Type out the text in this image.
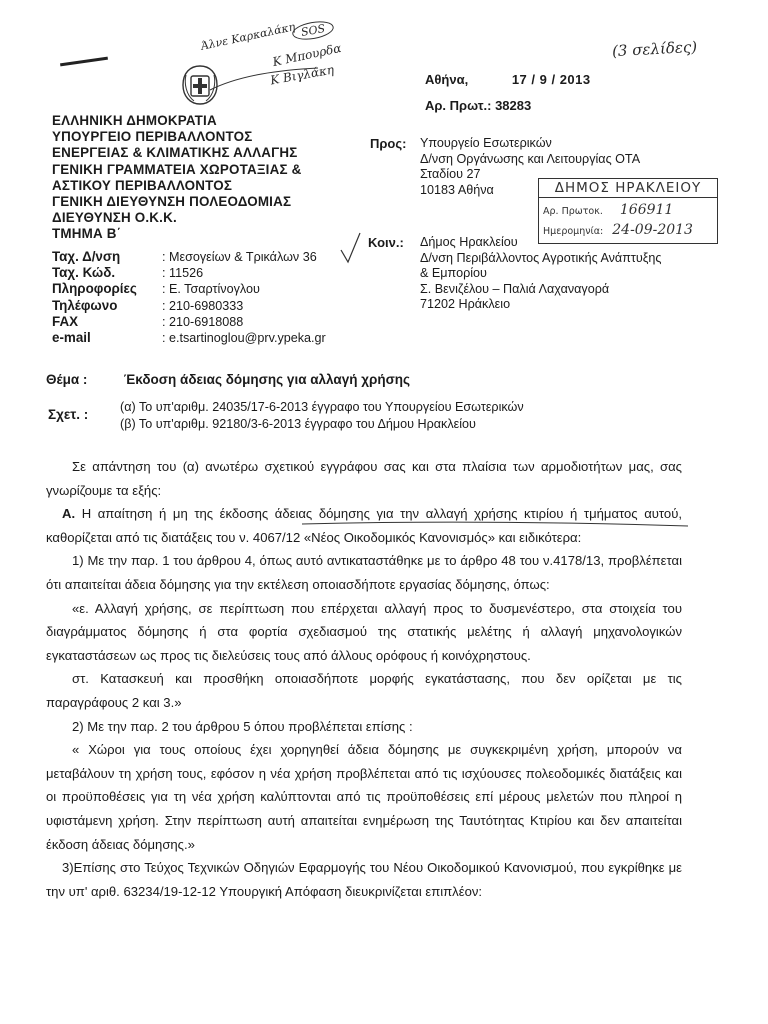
Άλνε Καρκαλάκη SOS
Κ Μπουρδα
Κ Βιγλάκη
(3 σελίδες)
Αθήνα,	17 / 9 / 2013
Αρ. Πρωτ.: 38283
ΕΛΛΗΝΙΚΗ ΔΗΜΟΚΡΑΤΙΑ
ΥΠΟΥΡΓΕΙΟ ΠΕΡΙΒΑΛΛΟΝΤΟΣ
ΕΝΕΡΓΕΙΑΣ & ΚΛΙΜΑΤΙΚΗΣ ΑΛΛΑΓΗΣ
ΓΕΝΙΚΗ ΓΡΑΜΜΑΤΕΙΑ ΧΩΡΟΤΑΞΙΑΣ &
ΑΣΤΙΚΟΥ ΠΕΡΙΒΑΛΛΟΝΤΟΣ
ΓΕΝΙΚΗ ΔΙΕΥΘΥΝΣΗ ΠΟΛΕΟΔΟΜΙΑΣ
ΔΙΕΥΘΥΝΣΗ Ο.Κ.Κ.
ΤΜΗΜΑ Β΄
Ταχ. Δ/νση	: Μεσογείων & Τρικάλων 36
Ταχ. Κώδ.	: 11526
Πληροφορίες	: Ε. Τσαρτίνογλου
Τηλέφωνο	: 210-6980333
FAX	: 210-6918088
e-mail	: e.tsartinoglou@prv.ypeka.gr
Προς: Υπουργείο Εσωτερικών
Δ/νση Οργάνωσης και Λειτουργίας ΟΤΑ
Σταδίου 27
10183 Αθήνα	ΔΗΜΟΣ ΗΡΑΚΛΕΙΟΥ
Αρ. Πρωτοκ. 166911
Ημερομηνία: 24-09-2013
Κοιν.: Δήμος Ηρακλείου
Δ/νση Περιβάλλοντος Αγροτικής Ανάπτυξης
& Εμπορίου
Σ. Βενιζέλου – Παλιά Λαχαναγορά
71202 Ηράκλειο
Θέμα :	Έκδοση άδειας δόμησης για αλλαγή χρήσης
Σχετ. :	(α) Το υπ'αριθμ. 24035/17-6-2013 έγγραφο του Υπουργείου Εσωτερικών
(β) Το υπ'αριθμ. 92180/3-6-2013 έγγραφο του Δήμου Ηρακλείου

Σε απάντηση του (α) ανωτέρω σχετικού εγγράφου σας και στα πλαίσια των αρμοδιοτήτων μας, σας γνωρίζουμε τα εξής:

Α. Η απαίτηση ή μη της έκδοσης άδειας δόμησης για την αλλαγή χρήσης κτιρίου ή τμήματος αυτού, καθορίζεται από τις διατάξεις του ν. 4067/12 «Νέος Οικοδομικός Κανονισμός» και ειδικότερα:

1) Με την παρ. 1 του άρθρου 4, όπως αυτό αντικαταστάθηκε με το άρθρο 48 του ν.4178/13, προβλέπεται ότι απαιτείται άδεια δόμησης για την εκτέλεση οποιασδήποτε εργασίας δόμησης, όπως:

«ε. Αλλαγή χρήσης, σε περίπτωση που επέρχεται αλλαγή προς το δυσμενέστερο, στα στοιχεία του διαγράμματος δόμησης ή στα φορτία σχεδιασμού της στατικής μελέτης ή αλλαγή μηχανολογικών εγκαταστάσεων ως προς τις διελεύσεις τους από άλλους ορόφους ή κοινόχρηστους.

στ. Κατασκευή και προσθήκη οποιασδήποτε μορφής εγκατάστασης, που δεν ορίζεται με τις παραγράφους 2 και 3.»

2) Με την παρ. 2 του άρθρου 5 όπου προβλέπεται επίσης :

« Χώροι για τους οποίους έχει χορηγηθεί άδεια δόμησης με συγκεκριμένη χρήση, μπορούν να μεταβάλουν τη χρήση τους, εφόσον η νέα χρήση προβλέπεται από τις ισχύουσες πολεοδομικές διατάξεις και οι προϋποθέσεις για τη νέα χρήση καλύπτονται από τις προϋποθέσεις επί μέρους μελετών που πληροί η υφιστάμενη χρήση. Στην περίπτωση αυτή απαιτείται ενημέρωση της Ταυτότητας Κτιρίου και δεν απαιτείται έκδοση άδειας δόμησης.»

3)Επίσης στο Τεύχος Τεχνικών Οδηγιών Εφαρμογής του Νέου Οικοδομικού Κανονισμού, που εγκρίθηκε με την υπ' αριθ. 63234/19-12-12 Υπουργική Απόφαση διευκρινίζεται επιπλέον:
